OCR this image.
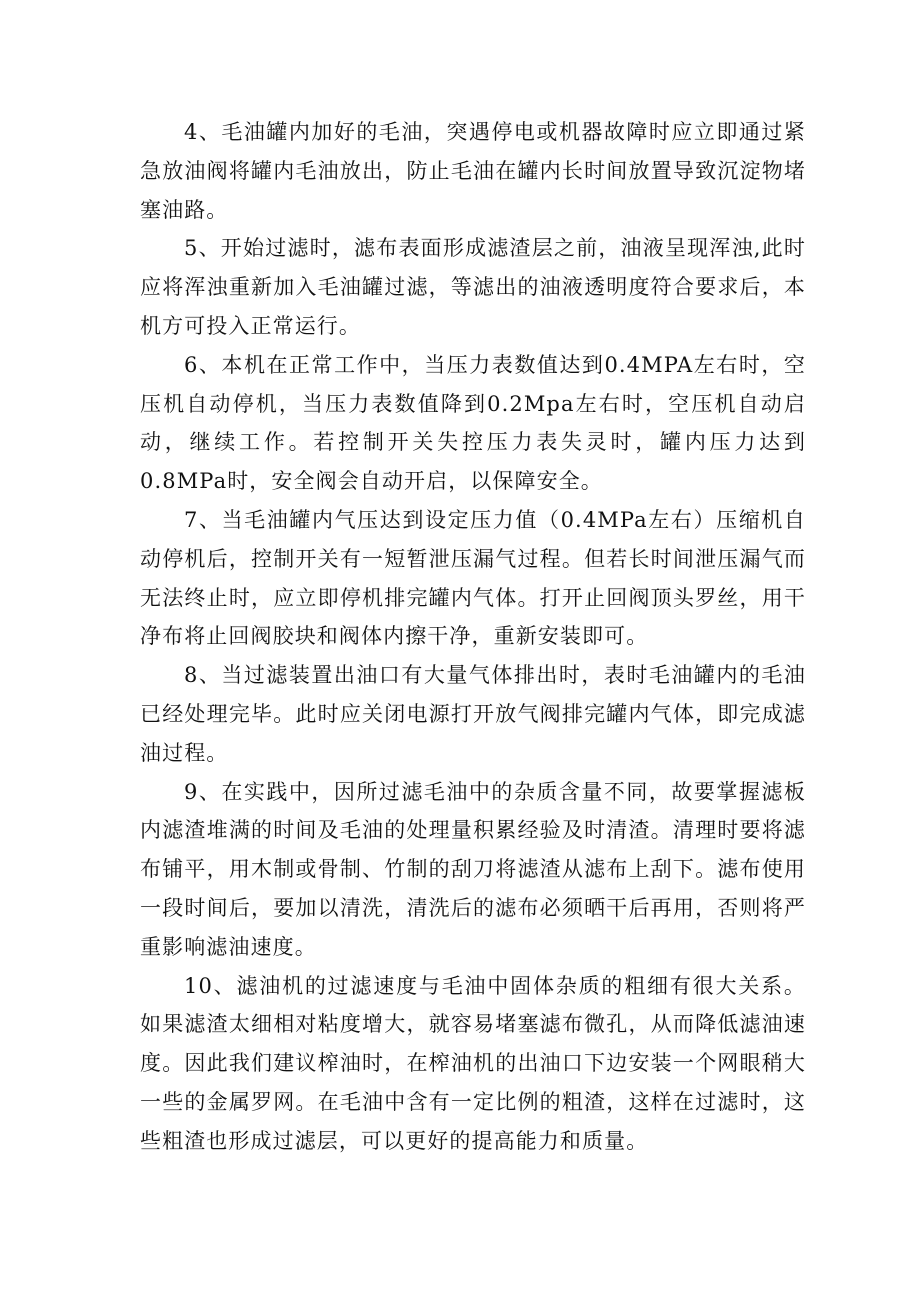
4、毛油罐内加好的毛油，突遇停电或机器故障时应立即通过紧急放油阀将罐内毛油放出，防止毛油在罐内长时间放置导致沉淀物堵塞油路。

5、开始过滤时，滤布表面形成滤渣层之前，油液呈现浑浊,此时应将浑浊重新加入毛油罐过滤，等滤出的油液透明度符合要求后，本机方可投入正常运行。

6、本机在正常工作中，当压力表数值达到0.4MPA左右时，空压机自动停机，当压力表数值降到0.2Mpa左右时，空压机自动启动，继续工作。若控制开关失控压力表失灵时，罐内压力达到0.8MPa时，安全阀会自动开启，以保障安全。

7、当毛油罐内气压达到设定压力值（0.4MPa左右）压缩机自动停机后，控制开关有一短暂泄压漏气过程。但若长时间泄压漏气而无法终止时，应立即停机排完罐内气体。打开止回阀顶头罗丝，用干净布将止回阀胶块和阀体内擦干净，重新安装即可。

8、当过滤装置出油口有大量气体排出时，表时毛油罐内的毛油已经处理完毕。此时应关闭电源打开放气阀排完罐内气体，即完成滤油过程。

9、在实践中，因所过滤毛油中的杂质含量不同，故要掌握滤板内滤渣堆满的时间及毛油的处理量积累经验及时清渣。清理时要将滤布铺平，用木制或骨制、竹制的刮刀将滤渣从滤布上刮下。滤布使用一段时间后，要加以清洗，清洗后的滤布必须晒干后再用，否则将严重影响滤油速度。

10、滤油机的过滤速度与毛油中固体杂质的粗细有很大关系。如果滤渣太细相对粘度增大，就容易堵塞滤布微孔，从而降低滤油速度。因此我们建议榨油时，在榨油机的出油口下边安装一个网眼稍大一些的金属罗网。在毛油中含有一定比例的粗渣，这样在过滤时，这些粗渣也形成过滤层，可以更好的提高能力和质量。
